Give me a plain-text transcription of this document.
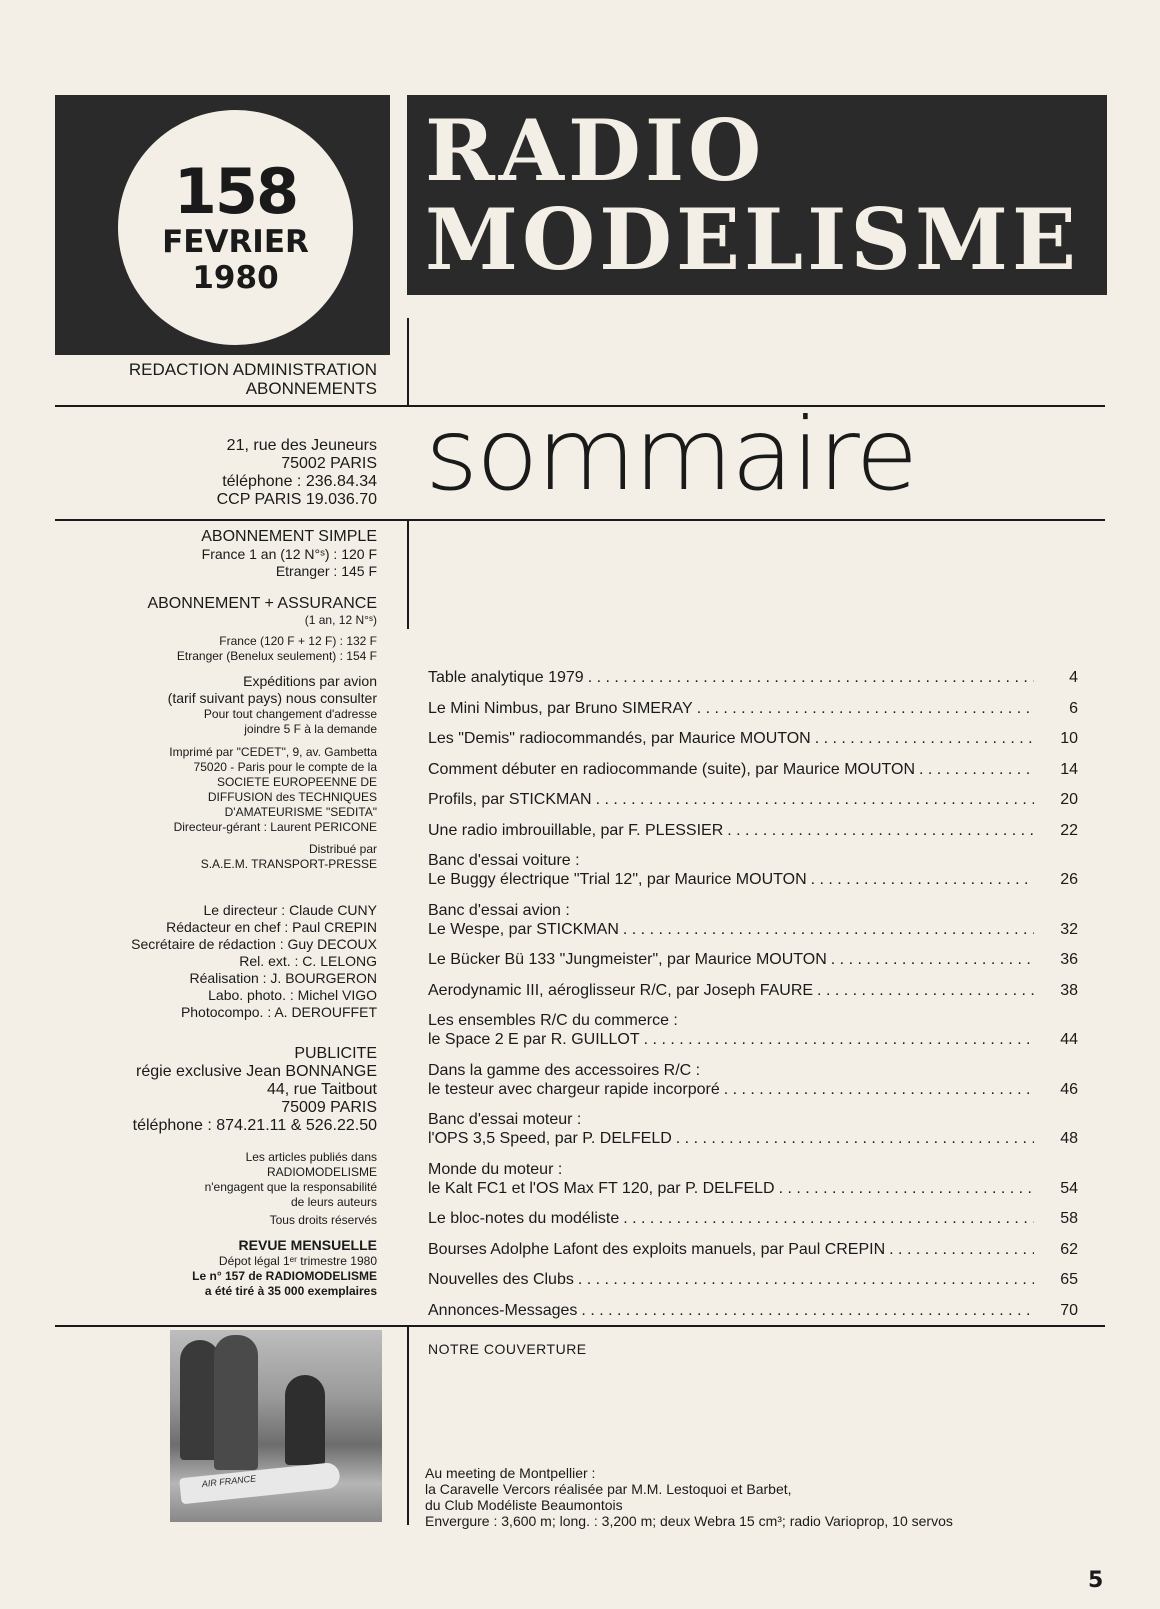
158
FEVRIER
1980
RADIO
MODELISME
REDACTION ADMINISTRATION
ABONNEMENTS
21, rue des Jeuneurs
75002 PARIS
téléphone : 236.84.34
CCP PARIS 19.036.70
ABONNEMENT SIMPLE
France 1 an (12 N°ˢ) : 120 F
Etranger : 145 F
ABONNEMENT + ASSURANCE
(1 an, 12 N°ˢ)
France (120 F + 12 F) : 132 F
Etranger (Benelux seulement) : 154 F
Expéditions par avion
(tarif suivant pays) nous consulter
Pour tout changement d'adresse
joindre 5 F à la demande
Imprimé par "CEDET", 9, av. Gambetta
75020 - Paris pour le compte de la
SOCIETE EUROPEENNE DE
DIFFUSION des TECHNIQUES
D'AMATEURISME "SEDITA"
Directeur-gérant : Laurent PERICONE
Distribué par
S.A.E.M. TRANSPORT-PRESSE
Le directeur : Claude CUNY
Rédacteur en chef : Paul CREPIN
Secrétaire de rédaction : Guy DECOUX
Rel. ext. : C. LELONG
Réalisation : J. BOURGERON
Labo. photo. : Michel VIGO
Photocompo. : A. DEROUFFET
PUBLICITE
régie exclusive Jean BONNANGE
44, rue Taitbout
75009 PARIS
téléphone : 874.21.11 & 526.22.50
Les articles publiés dans
RADIOMODELISME
n'engagent que la responsabilité
de leurs auteurs
Tous droits réservés
REVUE MENSUELLE
Dépot légal 1ᵉʳ trimestre 1980
Le n° 157 de RADIOMODELISME
a été tiré à 35 000 exemplaires
sommaire
Table analytique 1979 . . .	4
Le Mini Nimbus, par Bruno SIMERAY . . .	6
Les "Demis" radiocommandés, par Maurice MOUTON . . .	10
Comment débuter en radiocommande (suite), par Maurice MOUTON . . .	14
Profils, par STICKMAN . . .	20
Une radio imbrouillable, par F. PLESSIER . . .	22
Banc d'essai voiture :
Le Buggy électrique "Trial 12", par Maurice MOUTON . . .	26
Banc d'essai avion :
Le Wespe, par STICKMAN . . .	32
Le Bücker Bü 133 "Jungmeister", par Maurice MOUTON . . .	36
Aerodynamic III, aéroglisseur R/C, par Joseph FAURE . . .	38
Les ensembles R/C du commerce :
le Space 2 E par R. GUILLOT . . .	44
Dans la gamme des accessoires R/C :
le testeur avec chargeur rapide incorporé . . .	46
Banc d'essai moteur :
l'OPS 3,5 Speed, par P. DELFELD . . .	48
Monde du moteur :
le Kalt FC1 et l'OS Max FT 120, par P. DELFELD . . .	54
Le bloc-notes du modéliste . . .	58
Bourses Adolphe Lafont des exploits manuels, par Paul CREPIN . . .	62
Nouvelles des Clubs . . .	65
Annonces-Messages . . .	70
NOTRE COUVERTURE
AIR FRANCE
Au meeting de Montpellier :
la Caravelle Vercors réalisée par M.M. Lestoquoi et Barbet,
du Club Modéliste Beaumontois
Envergure : 3,600 m; long. : 3,200 m; deux Webra 15 cm³; radio Varioprop, 10 servos
5
